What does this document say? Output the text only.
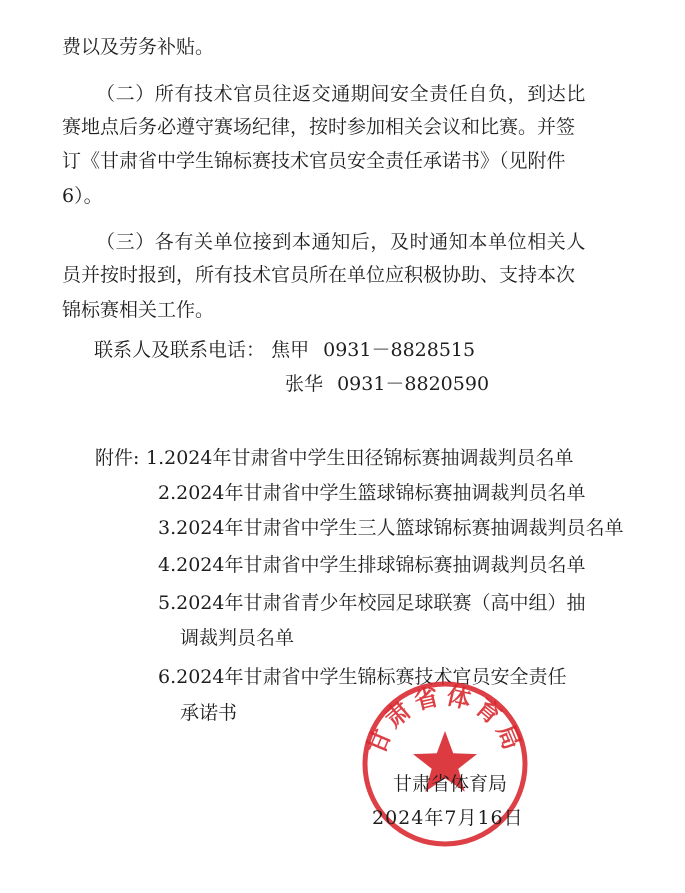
费以及劳务补贴。
（二）所有技术官员往返交通期间安全责任自负，到达比
赛地点后务必遵守赛场纪律，按时参加相关会议和比赛。并签
订《甘肃省中学生锦标赛技术官员安全责任承诺书》（见附件
6）。
（三）各有关单位接到本通知后，及时通知本单位相关人
员并按时报到，所有技术官员所在单位应积极协助、支持本次
锦标赛相关工作。
联系人及联系电话： 焦甲 0931－8828515
张华 0931－8820590
附件: 1.2024年甘肃省中学生田径锦标赛抽调裁判员名单
2.2024年甘肃省中学生篮球锦标赛抽调裁判员名单
3.2024年甘肃省中学生三人篮球锦标赛抽调裁判员名单
4.2024年甘肃省中学生排球锦标赛抽调裁判员名单
5.2024年甘肃省青少年校园足球联赛（高中组）抽
调裁判员名单
6.2024年甘肃省中学生锦标赛技术官员安全责任
承诺书
甘肃省体育局
甘肃省体育局
2024年7月16日
